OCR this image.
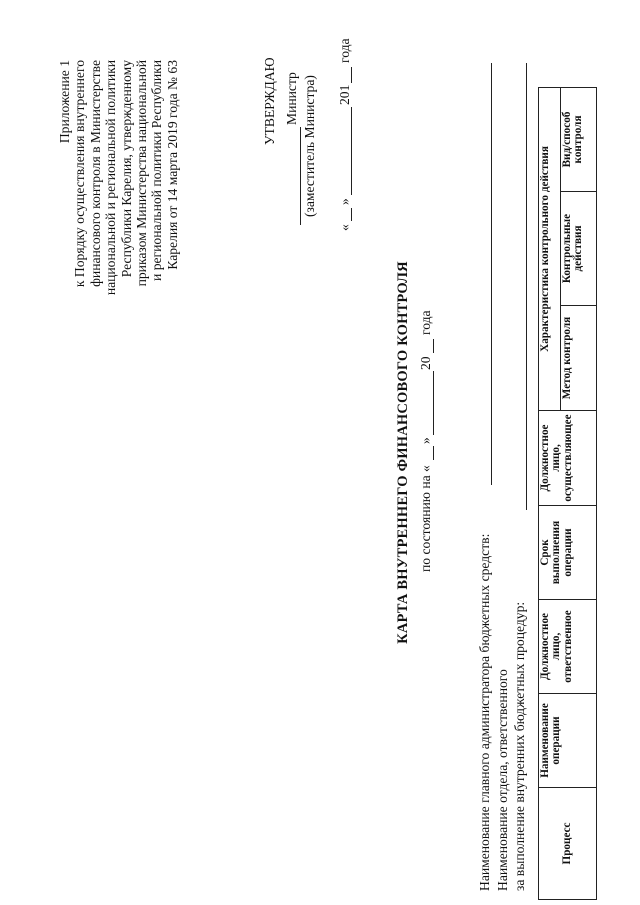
Приложение 1 к Порядку осуществления внутреннего финансового контроля в Министерстве национальной и региональной политики Республики Карелия, утвержденному приказом Министерства национальной и региональной политики Республики Карелия от 14 марта 2019 года № 63	УТВЕРЖДАЮ Министр (заместитель Министра)
«
»
201
года
КАРТА ВНУТРЕННЕГО ФИНАНСОВОГО КОНТРОЛЯ по состоянию на «
»
20
года
Наименование главного администратора бюджетных средств: Наименование отдела, ответственного за выполнение внутренних бюджетных процедур:	Процесс	Наименование операции	Должностное лицо, ответственное	Срок выполнения операции	Должностное лицо, осуществляющее	Характеристика контрольного действия		
					Метод контроля	Контрольные действия	Вид/способ контроля
